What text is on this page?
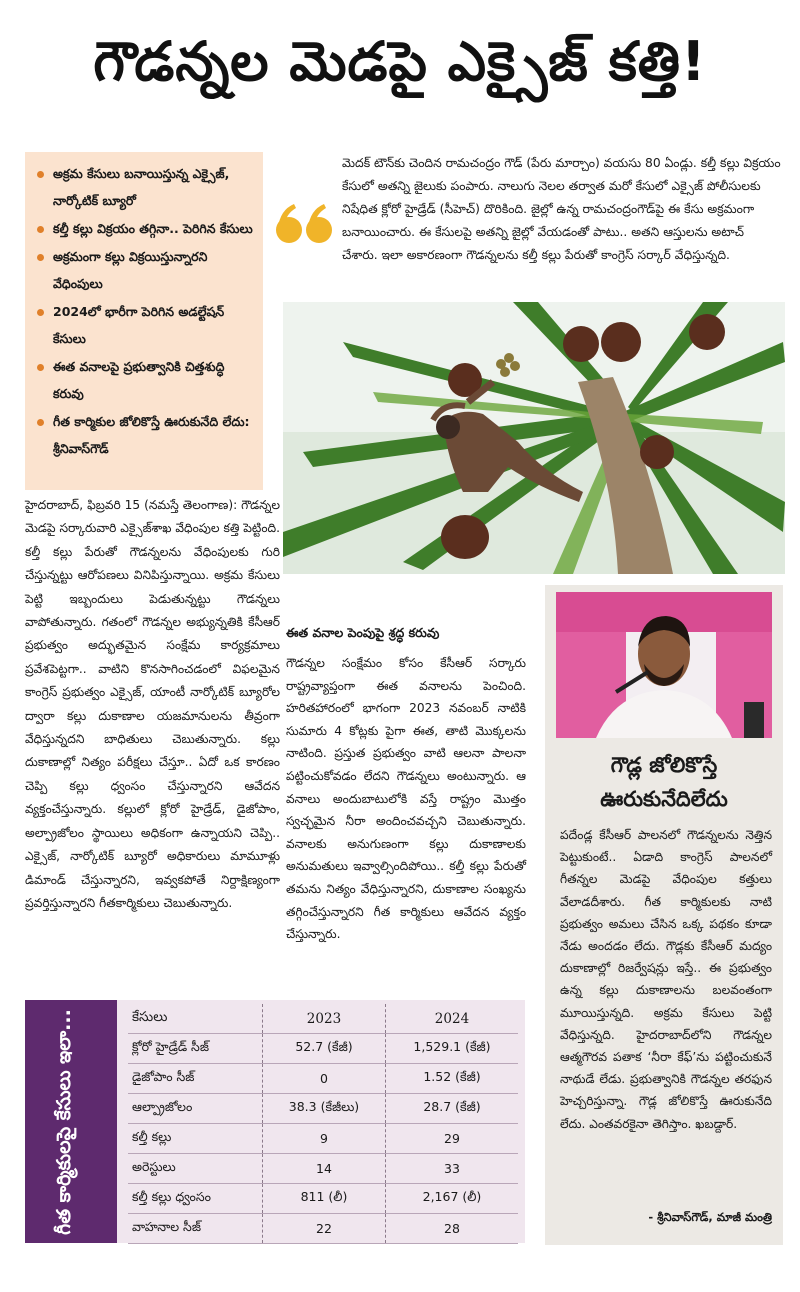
గౌడన్నల మెడపై ఎక్సైజ్ కత్తి!
అక్రమ కేసులు బనాయిస్తున్న ఎక్సైజ్, నార్కోటిక్ బ్యూరో
కల్తీ కల్లు విక్రయం తగ్గినా.. పెరిగిన కేసులు
అక్రమంగా కల్లు విక్రయిస్తున్నారని వేధింపులు
2024లో భారీగా పెరిగిన అడల్టేషన్ కేసులు
ఈత వనాలపై ప్రభుత్వానికి చిత్తశుద్ధి కరువు
గీత కార్మికుల జోలికొస్తే ఊరుకునేది లేదు: శ్రీనివాస్‌గౌడ్
మెదక్ టౌన్‌కు చెందిన రామచంద్రం గౌడ్ (పేరు మార్చాం) వయసు 80 ఏండ్లు. కల్తీ కల్లు విక్రయం కేసులో అతన్ని జైలుకు పంపారు. నాలుగు నెలల తర్వాత మరో కేసులో ఎక్సైజ్ పోలీసులకు నిషేధిత క్లోరో హైడ్రేడ్ (సీహెచ్) దొరికింది. జైల్లో ఉన్న రామచంద్రంగౌడ్‌పై ఈ కేసు అక్రమంగా బనాయించారు. ఈ కేసులపై అతన్ని జైల్లో వేయడంతో పాటు.. అతని ఆస్తులను అటాచ్ చేశారు. ఇలా అకారణంగా గౌడన్నలను కల్తీ కల్లు పేరుతో కాంగ్రెస్ సర్కార్ వేధిస్తున్నది.
హైదరాబాద్, ఫిబ్రవరి 15 (నమస్తే తెలంగాణ): గౌడన్నల మెడపై సర్కారువారి ఎక్సైజ్‌శాఖ వేధింపుల కత్తి పెట్టింది. కల్తీ కల్లు పేరుతో గౌడన్నలను వేధింపులకు గురి చేస్తున్నట్టు ఆరోపణలు వినిపిస్తున్నాయి. అక్రమ కేసులు పెట్టి ఇబ్బందులు పెడుతున్నట్టు గౌడన్నలు వాపోతున్నారు. గతంలో గౌడన్నల అభ్యున్నతికి కేసీఆర్ ప్రభుత్వం అద్భుతమైన సంక్షేమ కార్యక్రమాలు ప్రవేశపెట్టగా.. వాటిని కొనసాగించడంలో విఫలమైన కాంగ్రెస్ ప్రభుత్వం ఎక్సైజ్, యాంటీ నార్కోటిక్ బ్యూరోల ద్వారా కల్లు దుకాణాల యజమానులను తీవ్రంగా వేధిస్తున్నదని బాధితులు చెబుతున్నారు. కల్లు దుకాణాల్లో నిత్యం పరీక్షలు చేస్తూ.. ఏదో ఒక కారణం చెప్పి కల్లు ధ్వంసం చేస్తున్నారని ఆవేదన వ్యక్తంచేస్తున్నారు. కల్లులో క్లోరో హైడ్రేడ్, డైజోపాం, అల్ప్రాజోలం స్థాయిలు అధికంగా ఉన్నాయని చెప్పి.. ఎక్సైజ్, నార్కోటిక్ బ్యూరో అధికారులు మామూళ్లు డిమాండ్ చేస్తున్నారని, ఇవ్వకపోతే నిర్దాక్షిణ్యంగా ప్రవర్తిస్తున్నారని గీతకార్మికులు చెబుతున్నారు.
ఈత వనాల పెంపుపై శ్రద్ధ కరువు
గౌడన్నల సంక్షేమం కోసం కేసీఆర్ సర్కారు రాష్ట్రవ్యాప్తంగా ఈత వనాలను పెంచింది. హరితహారంలో భాగంగా 2023 నవంబర్ నాటికి సుమారు 4 కోట్లకు పైగా ఈత, తాటి మొక్కలను నాటింది. ప్రస్తుత ప్రభుత్వం వాటి ఆలనా పాలనా పట్టించుకోవడం లేదని గౌడన్నలు అంటున్నారు. ఆ వనాలు అందుబాటులోకి వస్తే రాష్ట్రం మొత్తం స్వచ్ఛమైన నీరా అందించవచ్చని చెబుతున్నారు. వనాలకు అనుగుణంగా కల్లు దుకాణాలకు అనుమతులు ఇవ్వాల్సిందిపోయి.. కల్తీ కల్లు పేరుతో తమను నిత్యం వేధిస్తున్నారని, దుకాణాల సంఖ్యను తగ్గించేస్తున్నారని గీత కార్మికులు ఆవేదన వ్యక్తం చేస్తున్నారు.
గౌడ్ల జోలికొస్తే ఊరుకునేదిలేదు
పదేండ్ల కేసీఆర్ పాలనలో గౌడన్నలను నెత్తిన పెట్టుకుంటే.. ఏడాది కాంగ్రెస్ పాలనలో గీతన్నల మెడపై వేధింపుల కత్తులు వేలాడదీశారు. గీత కార్మికులకు నాటి ప్రభుత్వం అమలు చేసిన ఒక్క పథకం కూడా నేడు అందడం లేదు. గౌడ్లకు కేసీఆర్ మద్యం దుకాణాల్లో రిజర్వేషన్లు ఇస్తే.. ఈ ప్రభుత్వం ఉన్న కల్లు దుకాణాలను బలవంతంగా మూయిస్తున్నది. అక్రమ కేసులు పెట్టి వేధిస్తున్నది. హైదరాబాద్‌లోని గౌడన్నల ఆత్మగౌరవ పతాక ‘నీరా కేఫ్’ను పట్టించుకునే నాథుడే లేడు. ప్రభుత్వానికి గౌడన్నల తరఫున హెచ్చరిస్తున్నా. గౌడ్ల జోలికొస్తే ఊరుకునేది లేదు. ఎంతవరకైనా తెగిస్తాం. ఖబడ్దార్.
- శ్రీనివాస్‌గౌడ్, మాజీ మంత్రి
గీత కార్మికులపై కేసులు ఇలా...	కేసులు	2023	2024
క్లోరో హైడ్రేడ్ సీజ్	52.7 (కేజీ)	1,529.1 (కేజీ)
డైజోపాం సీజ్	0	1.52 (కేజీ)
ఆల్ప్రాజోలం	38.3 (కేజీలు)	28.7 (కేజీ)
కల్తీ కల్లు	9	29
అరెస్టులు	14	33
కల్తీ కల్లు ధ్వంసం	811 (లీ)	2,167 (లీ)
వాహనాల సీజ్	22	28
